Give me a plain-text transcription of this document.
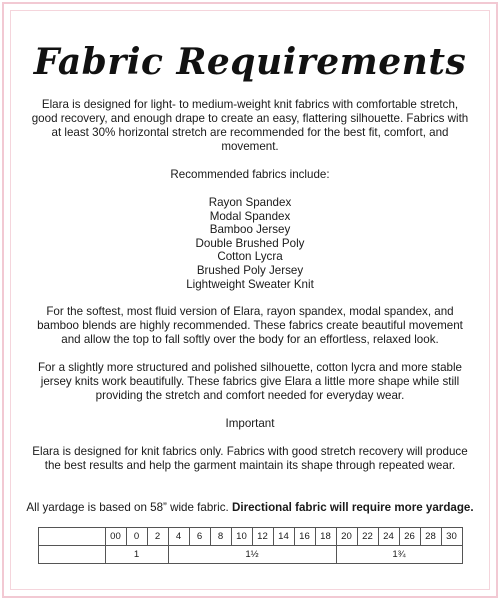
Fabric Requirements

Elara is designed for light- to medium-weight knit fabrics with comfortable stretch, good recovery, and enough drape to create an easy, flattering silhouette. Fabrics with at least 30% horizontal stretch are recommended for the best fit, comfort, and movement.

Recommended fabrics include:

Rayon Spandex
Modal Spandex
Bamboo Jersey
Double Brushed Poly
Cotton Lycra
Brushed Poly Jersey
Lightweight Sweater Knit

For the softest, most fluid version of Elara, rayon spandex, modal spandex, and bamboo blends are highly recommended. These fabrics create beautiful movement and allow the top to fall softly over the body for an effortless, relaxed look.

For a slightly more structured and polished silhouette, cotton lycra and more stable jersey knits work beautifully. These fabrics give Elara a little more shape while still providing the stretch and comfort needed for everyday wear.

Important

Elara is designed for knit fabrics only. Fabrics with good stretch recovery will produce the best results and help the garment maintain its shape through repeated wear.

All yardage is based on 58” wide fabric. Directional fabric will require more yardage.

	00	0	2	4	6	8	10	12	14	16	18	20	22	24	26	28	30
	1			1½								1¾					
